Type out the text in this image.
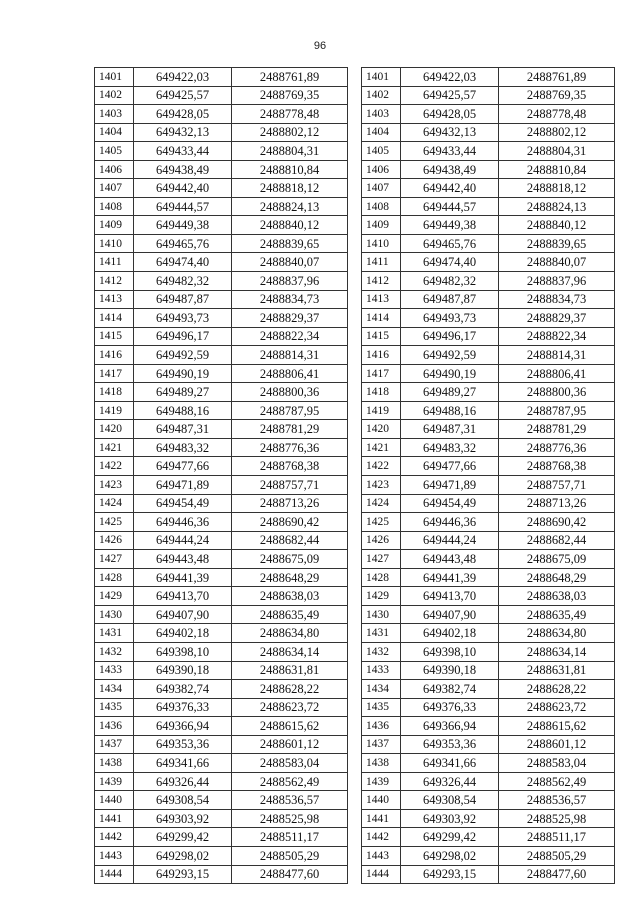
96
1401	649422,03	2488761,89
1402	649425,57	2488769,35
1403	649428,05	2488778,48
1404	649432,13	2488802,12
1405	649433,44	2488804,31
1406	649438,49	2488810,84
1407	649442,40	2488818,12
1408	649444,57	2488824,13
1409	649449,38	2488840,12
1410	649465,76	2488839,65
1411	649474,40	2488840,07
1412	649482,32	2488837,96
1413	649487,87	2488834,73
1414	649493,73	2488829,37
1415	649496,17	2488822,34
1416	649492,59	2488814,31
1417	649490,19	2488806,41
1418	649489,27	2488800,36
1419	649488,16	2488787,95
1420	649487,31	2488781,29
1421	649483,32	2488776,36
1422	649477,66	2488768,38
1423	649471,89	2488757,71
1424	649454,49	2488713,26
1425	649446,36	2488690,42
1426	649444,24	2488682,44
1427	649443,48	2488675,09
1428	649441,39	2488648,29
1429	649413,70	2488638,03
1430	649407,90	2488635,49
1431	649402,18	2488634,80
1432	649398,10	2488634,14
1433	649390,18	2488631,81
1434	649382,74	2488628,22
1435	649376,33	2488623,72
1436	649366,94	2488615,62
1437	649353,36	2488601,12
1438	649341,66	2488583,04
1439	649326,44	2488562,49
1440	649308,54	2488536,57
1441	649303,92	2488525,98
1442	649299,42	2488511,17
1443	649298,02	2488505,29
1444	649293,15	2488477,60
1401	649422,03	2488761,89
1402	649425,57	2488769,35
1403	649428,05	2488778,48
1404	649432,13	2488802,12
1405	649433,44	2488804,31
1406	649438,49	2488810,84
1407	649442,40	2488818,12
1408	649444,57	2488824,13
1409	649449,38	2488840,12
1410	649465,76	2488839,65
1411	649474,40	2488840,07
1412	649482,32	2488837,96
1413	649487,87	2488834,73
1414	649493,73	2488829,37
1415	649496,17	2488822,34
1416	649492,59	2488814,31
1417	649490,19	2488806,41
1418	649489,27	2488800,36
1419	649488,16	2488787,95
1420	649487,31	2488781,29
1421	649483,32	2488776,36
1422	649477,66	2488768,38
1423	649471,89	2488757,71
1424	649454,49	2488713,26
1425	649446,36	2488690,42
1426	649444,24	2488682,44
1427	649443,48	2488675,09
1428	649441,39	2488648,29
1429	649413,70	2488638,03
1430	649407,90	2488635,49
1431	649402,18	2488634,80
1432	649398,10	2488634,14
1433	649390,18	2488631,81
1434	649382,74	2488628,22
1435	649376,33	2488623,72
1436	649366,94	2488615,62
1437	649353,36	2488601,12
1438	649341,66	2488583,04
1439	649326,44	2488562,49
1440	649308,54	2488536,57
1441	649303,92	2488525,98
1442	649299,42	2488511,17
1443	649298,02	2488505,29
1444	649293,15	2488477,60
